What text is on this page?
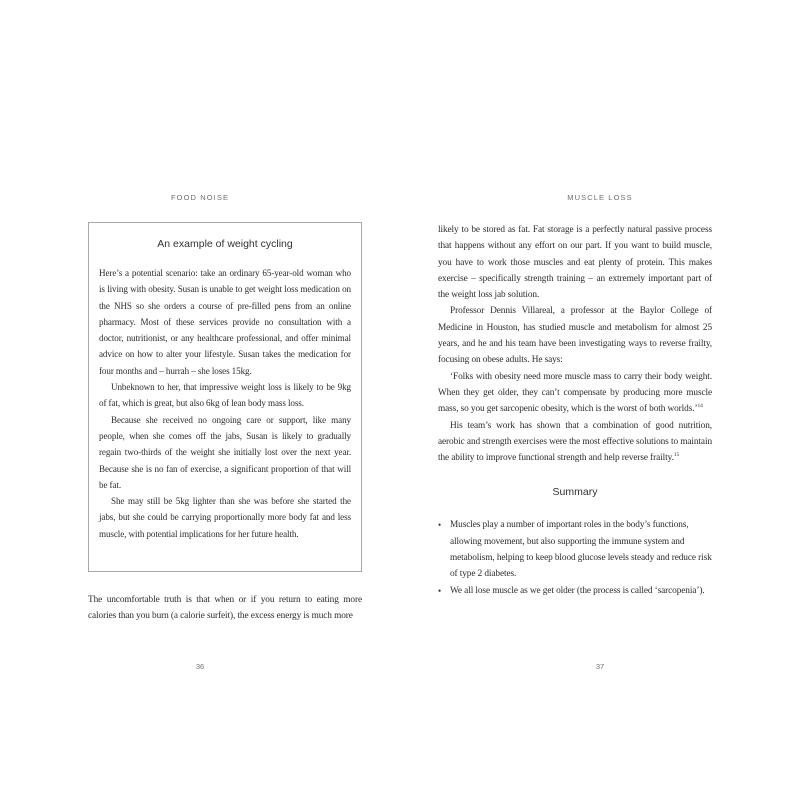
FOOD NOISE
An example of weight cycling

Here’s a potential scenario: take an ordinary 65-year-old woman who is living with obesity. Susan is unable to get weight loss medication on the NHS so she orders a course of pre-filled pens from an online pharmacy. Most of these services provide no consultation with a doctor, nutritionist, or any healthcare professional, and offer minimal advice on how to alter your lifestyle. Susan takes the medication for four months and – hurrah – she loses 15kg.

Unbeknown to her, that impressive weight loss is likely to be 9kg of fat, which is great, but also 6kg of lean body mass loss.

Because she received no ongoing care or support, like many people, when she comes off the jabs, Susan is likely to gradually regain two-thirds of the weight she initially lost over the next year. Because she is no fan of exercise, a significant proportion of that will be fat.

She may still be 5kg lighter than she was before she started the jabs, but she could be carrying proportionally more body fat and less muscle, with potential implications for her future health.

The uncomfortable truth is that when or if you return to eating more calories than you burn (a calorie surfeit), the excess energy is much more

36
MUSCLE LOSS

likely to be stored as fat. Fat storage is a perfectly natural passive process that happens without any effort on our part. If you want to build muscle, you have to work those muscles and eat plenty of protein. This makes exercise – specifically strength training – an extremely important part of the weight loss jab solution.

Professor Dennis Villareal, a professor at the Baylor College of Medicine in Houston, has studied muscle and metabolism for almost 25 years, and he and his team have been investigating ways to reverse frailty, focusing on obese adults. He says:

‘Folks with obesity need more muscle mass to carry their body weight. When they get older, they can’t compensate by producing more muscle mass, so you get sarcopenic obesity, which is the worst of both worlds.’$^{14}$

His team’s work has shown that a combination of good nutrition, aerobic and strength exercises were the most effective solutions to maintain the ability to improve functional strength and help reverse frailty.$^{15}$

Summary
• Muscles play a number of important roles in the body’s functions, allowing movement, but also supporting the immune system and metabolism, helping to keep blood glucose levels steady and reduce risk of type 2 diabetes.
• We all lose muscle as we get older (the process is called ‘sarcopenia’).
37
